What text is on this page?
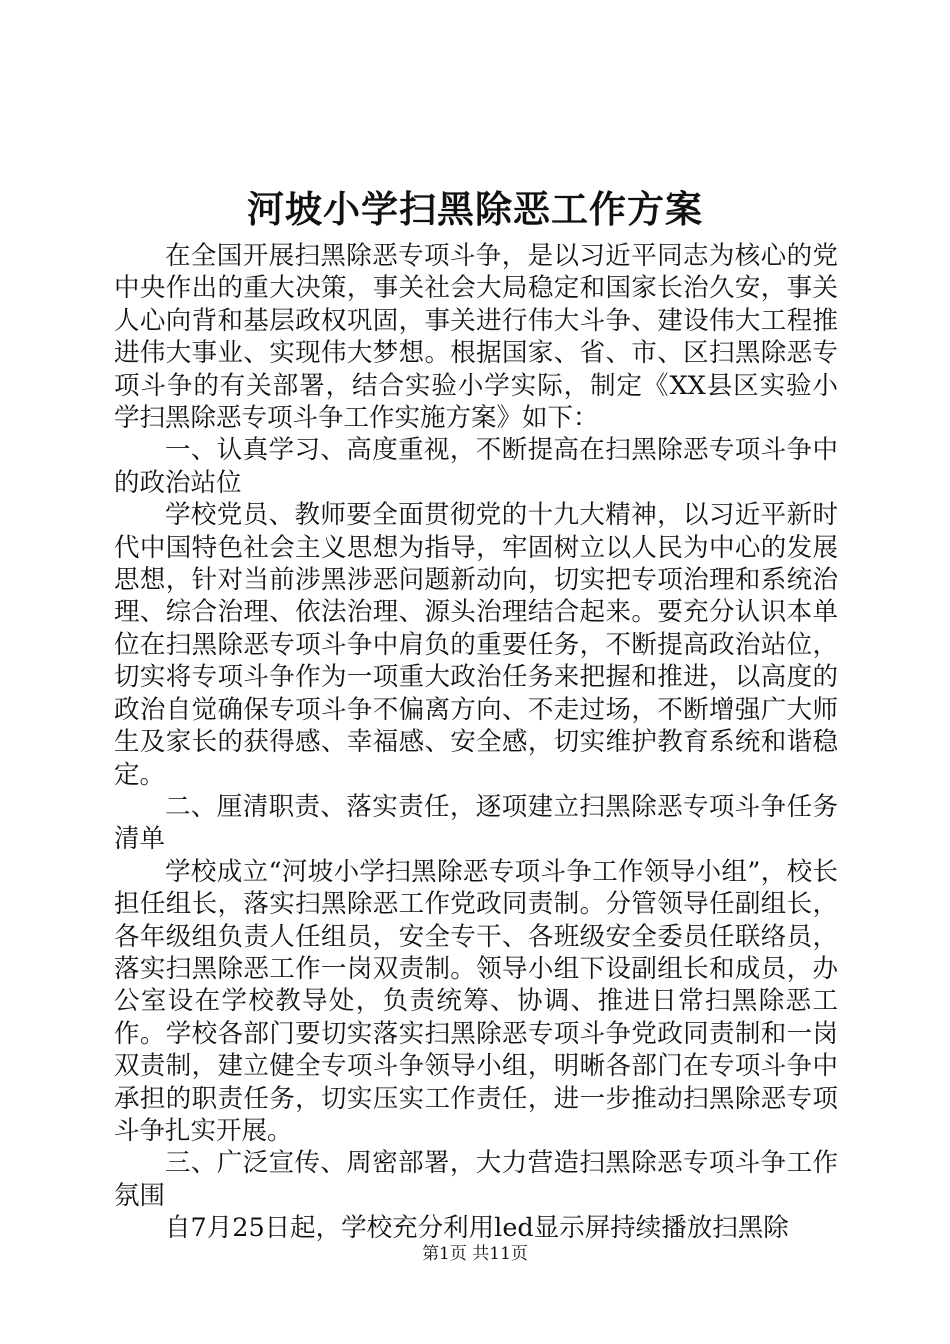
河坡小学扫黑除恶工作方案

在全国开展扫黑除恶专项斗争，是以习近平同志为核心的党中央作出的重大决策，事关社会大局稳定和国家长治久安，事关人心向背和基层政权巩固，事关进行伟大斗争、建设伟大工程推进伟大事业、实现伟大梦想。根据国家、省、市、区扫黑除恶专项斗争的有关部署，结合实验小学实际，制定《XX县区实验小学扫黑除恶专项斗争工作实施方案》如下：

一、认真学习、高度重视，不断提高在扫黑除恶专项斗争中的政治站位

学校党员、教师要全面贯彻党的十九大精神，以习近平新时代中国特色社会主义思想为指导，牢固树立以人民为中心的发展思想，针对当前涉黑涉恶问题新动向，切实把专项治理和系统治理、综合治理、依法治理、源头治理结合起来。要充分认识本单位在扫黑除恶专项斗争中肩负的重要任务，不断提高政治站位，切实将专项斗争作为一项重大政治任务来把握和推进，以高度的政治自觉确保专项斗争不偏离方向、不走过场，不断增强广大师生及家长的获得感、幸福感、安全感，切实维护教育系统和谐稳定。

二、厘清职责、落实责任，逐项建立扫黑除恶专项斗争任务清单

学校成立“河坡小学扫黑除恶专项斗争工作领导小组”，校长担任组长，落实扫黑除恶工作党政同责制。分管领导任副组长，各年级组负责人任组员，安全专干、各班级安全委员任联络员，落实扫黑除恶工作一岗双责制。领导小组下设副组长和成员，办公室设在学校教导处，负责统筹、协调、推进日常扫黑除恶工作。学校各部门要切实落实扫黑除恶专项斗争党政同责制和一岗双责制，建立健全专项斗争领导小组，明晰各部门在专项斗争中承担的职责任务，切实压实工作责任，进一步推动扫黑除恶专项斗争扎实开展。

三、广泛宣传、周密部署，大力营造扫黑除恶专项斗争工作氛围

自7月25日起，学校充分利用led显示屏持续播放扫黑除

第1页 共11页
